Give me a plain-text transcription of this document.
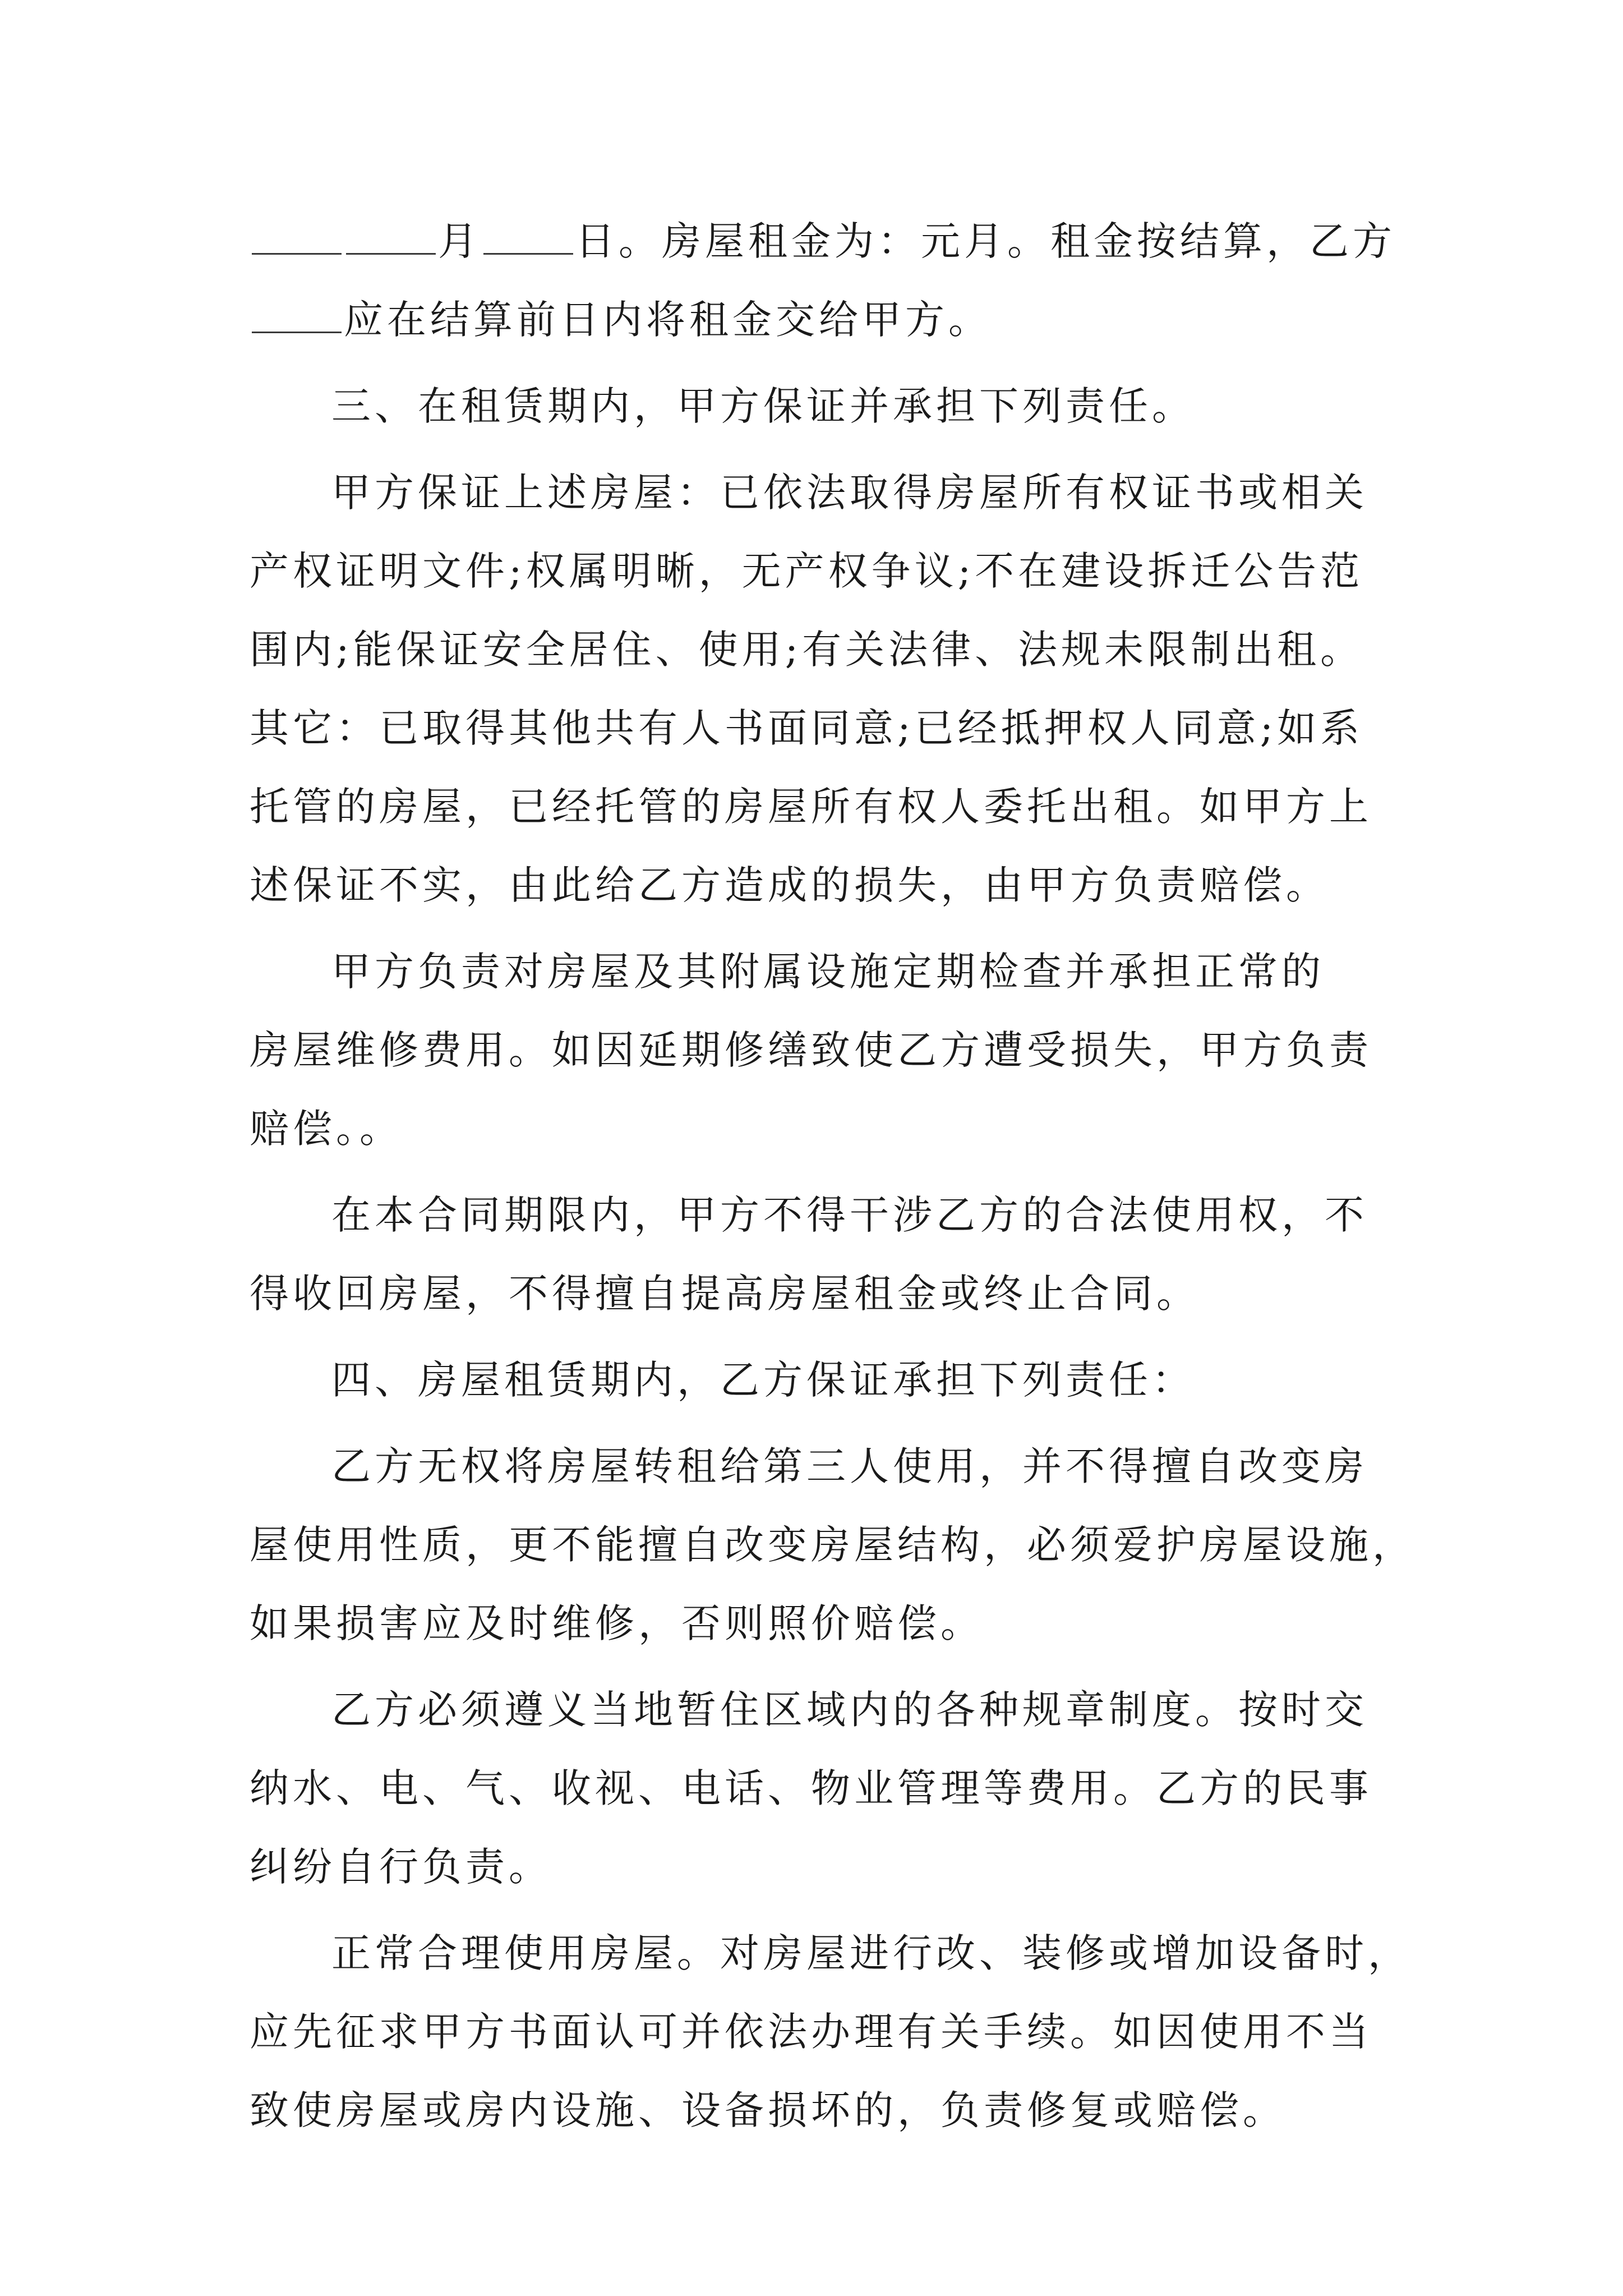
月 日。房屋租金为：元月。租金按结算，乙方
应在结算前日内将租金交给甲方。
三、在租赁期内，甲方保证并承担下列责任。
甲方保证上述房屋：已依法取得房屋所有权证书或相关
产权证明文件;权属明晰，无产权争议;不在建设拆迁公告范
围内;能保证安全居住、使用;有关法律、法规未限制出租。
其它：已取得其他共有人书面同意;已经抵押权人同意;如系
托管的房屋，已经托管的房屋所有权人委托出租。如甲方上
述保证不实，由此给乙方造成的损失，由甲方负责赔偿。
甲方负责对房屋及其附属设施定期检查并承担正常的
房屋维修费用。如因延期修缮致使乙方遭受损失，甲方负责
赔偿。。
在本合同期限内，甲方不得干涉乙方的合法使用权，不
得收回房屋，不得擅自提高房屋租金或终止合同。
四、房屋租赁期内，乙方保证承担下列责任：
乙方无权将房屋转租给第三人使用，并不得擅自改变房
屋使用性质，更不能擅自改变房屋结构，必须爱护房屋设施，
如果损害应及时维修，否则照价赔偿。
乙方必须遵义当地暂住区域内的各种规章制度。按时交
纳水、电、气、收视、电话、物业管理等费用。乙方的民事
纠纷自行负责。
正常合理使用房屋。对房屋进行改、装修或增加设备时，
应先征求甲方书面认可并依法办理有关手续。如因使用不当
致使房屋或房内设施、设备损坏的，负责修复或赔偿。
